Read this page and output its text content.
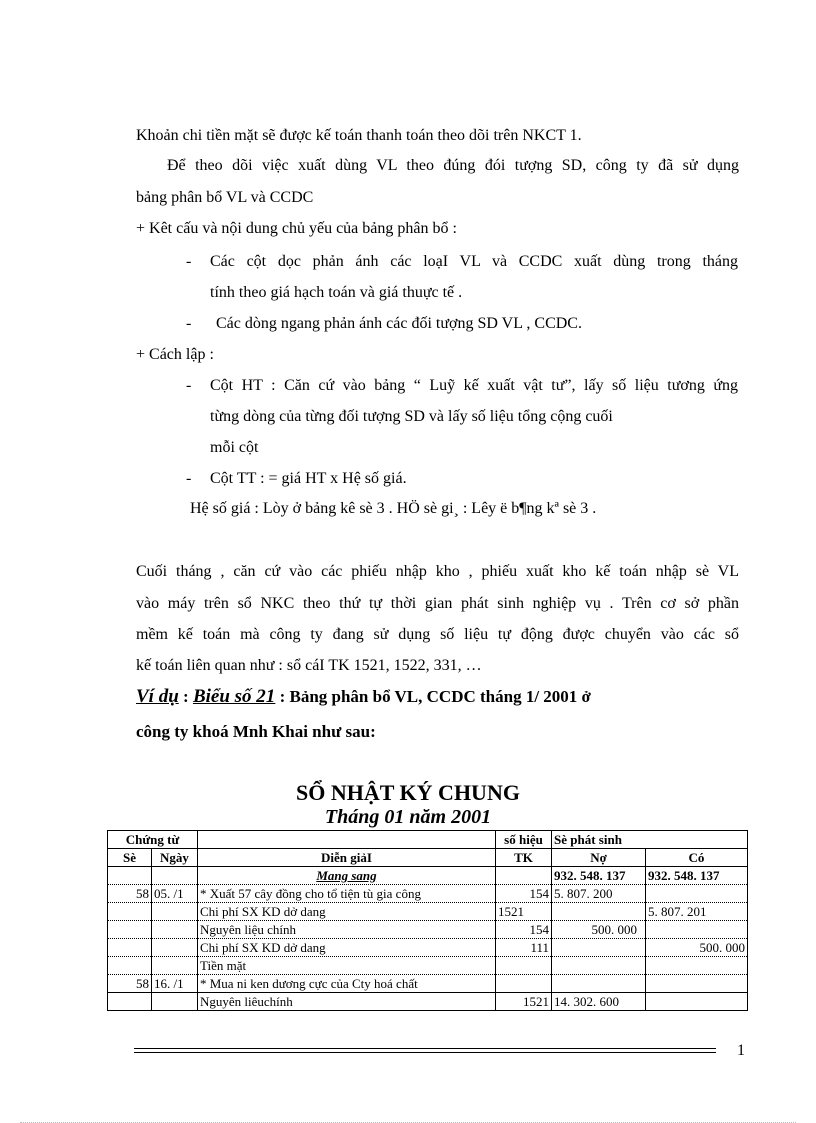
Khoản chi tiền mặt sẽ được kế toán thanh toán theo dõi trên NKCT 1.
Để theo dõi việc xuất dùng VL theo đúng đói tượng SD, công ty đã sử dụng
bảng phân bổ VL và CCDC
+ Kêt cấu và nội dung chủ yếu của bảng phân bổ :
- Các cột dọc phản ánh các loạI VL và CCDC xuất dùng trong tháng
tính theo giá hạch toán và giá thuực tế .
- Các dòng ngang phản ánh các đối tượng SD VL , CCDC.
+ Cách lập :
- Cột HT : Căn cứ vào bảng “ Luỹ kế xuất vật tư”, lấy số liệu tương ứng
từng dòng của từng đối tượng SD và lấy số liệu tổng cộng cuối
mỗi cột
- Cột TT : = giá HT x Hệ số giá.
Hệ số giá : Lòy ở bảng kê sè 3 . HÖ sè gi¸ : Lêy ë b¶ng kª sè 3 .
Cuối tháng , căn cứ vào các phiếu nhập kho , phiếu xuất kho kế toán nhập sè VL
vào máy trên sổ NKC theo thứ tự thời gian phát sinh nghiệp vụ . Trên cơ sở phần
mềm kế toán mà công ty đang sử dụng số liệu tự động được chuyển vào các sổ
kế toán liên quan như : sổ cáI TK 1521, 1522, 331, …
Ví dụ : Biểu số 21 : Bảng phân bổ VL, CCDC tháng 1/ 2001 ở
công ty khoá Mnh Khai như sau:
SỔ NHẬT KÝ CHUNG
Tháng 01 năm 2001
Chứng từ			số hiệu	Sè phát sinh	
Sè	Ngày	Diễn giảI	TK	Nợ	Có
		Mang sang		932. 548. 137	932. 548. 137
58	05. /1	* Xuất 57 cây đồng cho tổ tiện tù gia công	154	5. 807. 200	
		Chi phí SX KD dở dang	1521		5. 807. 201
		Nguyên liệu chính	154	500. 000	
		Chi phí SX KD dở dang	111		500. 000
		Tiền mặt			
58	16. /1	* Mua ni ken dương cực của Cty hoá chất			
		Nguyên liêuchính	1521	14. 302. 600	
1
